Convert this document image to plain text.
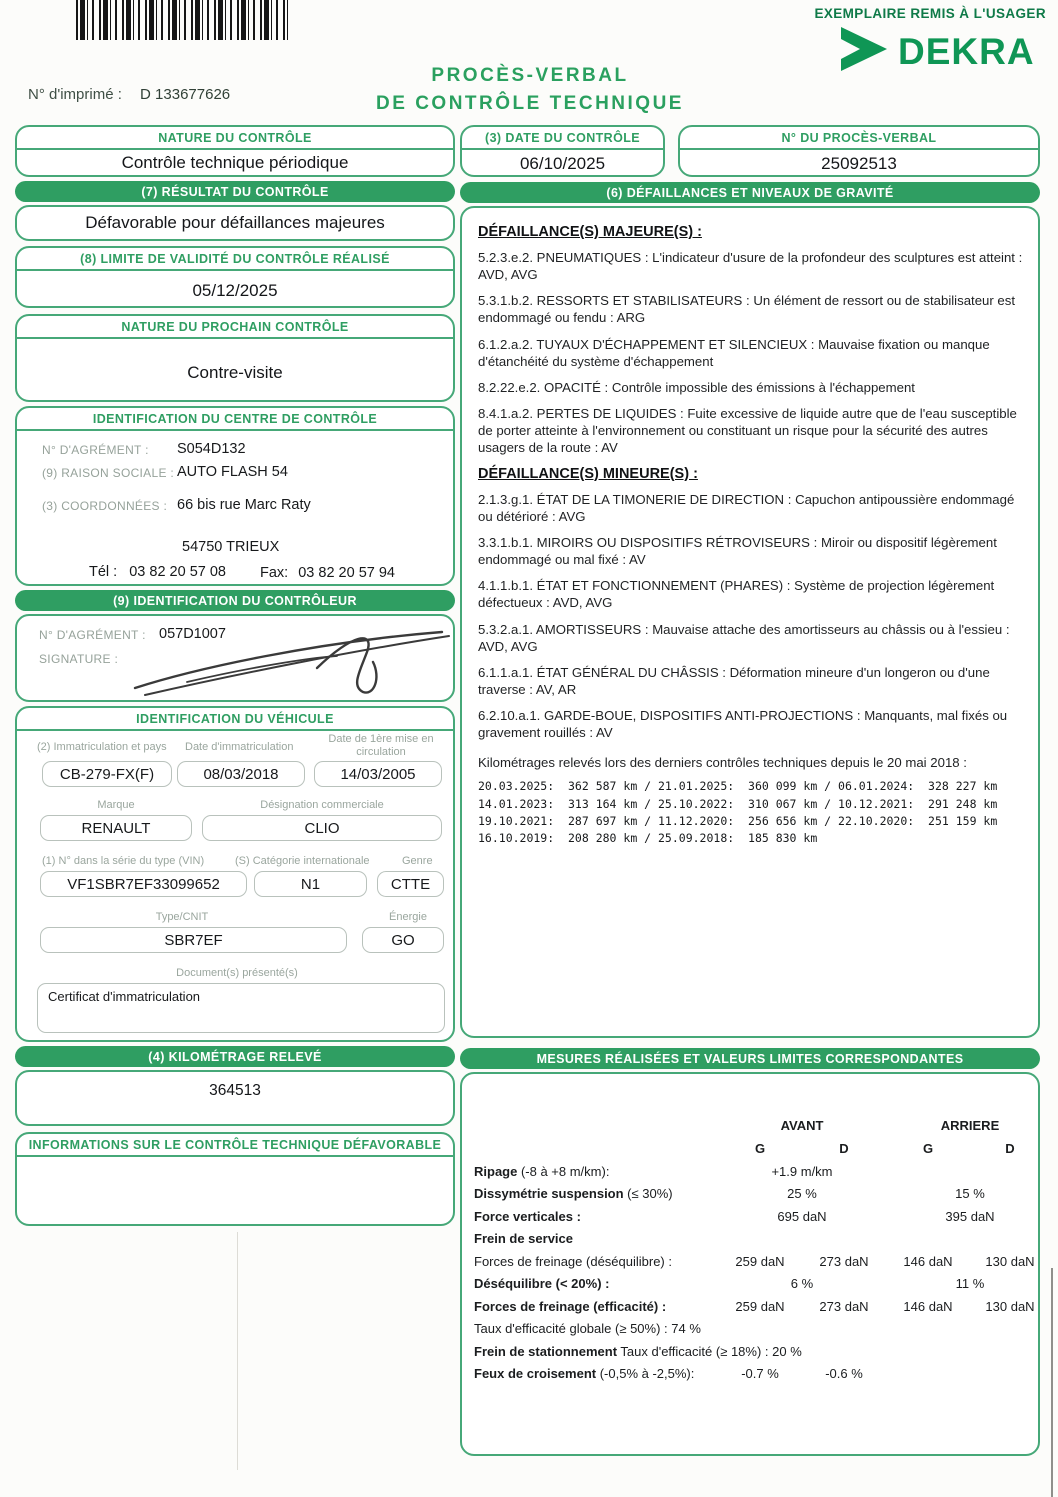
EXEMPLAIRE REMIS À L'USAGER
DEKRA
PROCÈS-VERBAL
DE CONTRÔLE TECHNIQUE
N° d'imprimé : D 133677626
NATURE DU CONTRÔLE
Contrôle technique périodique
(7) RÉSULTAT DU CONTRÔLE
Défavorable pour défaillances majeures
(8) LIMITE DE VALIDITÉ DU CONTRÔLE RÉALISÉ
05/12/2025
NATURE DU PROCHAIN CONTRÔLE
Contre-visite
IDENTIFICATION DU CENTRE DE CONTRÔLE
N° D'AGRÉMENT : S054D132
(9) RAISON SOCIALE : AUTO FLASH 54
(3) COORDONNÉES : 66 bis rue Marc Raty
54750 TRIEUX
Tél : 03 82 20 57 08 Fax: 03 82 20 57 94
(9) IDENTIFICATION DU CONTRÔLEUR
N° D'AGRÉMENT : 057D1007
SIGNATURE :
IDENTIFICATION DU VÉHICULE
(2) Immatriculation et pays Date d'immatriculation
Date de 1ère mise en circulation
CB-279-FX(F)	08/03/2018	14/03/2005
Marque	Désignation commerciale
RENAULT	CLIO
(1) N° dans la série du type (VIN)	(S) Catégorie internationale	Genre
VF1SBR7EF33099652	N1	CTTE
Type/CNIT	Énergie
SBR7EF	GO
Document(s) présenté(s)
Certificat d'immatriculation
(4) KILOMÉTRAGE RELEVÉ
364513
INFORMATIONS SUR LE CONTRÔLE TECHNIQUE DÉFAVORABLE
(3) DATE DU CONTRÔLE
06/10/2025
N° DU PROCÈS-VERBAL
25092513
(6) DÉFAILLANCES ET NIVEAUX DE GRAVITÉ

DÉFAILLANCE(S) MAJEURE(S) :

5.2.3.e.2. PNEUMATIQUES : L'indicateur d'usure de la profondeur des sculptures est atteint : AVD, AVG

5.3.1.b.2. RESSORTS ET STABILISATEURS : Un élément de ressort ou de stabilisateur est endommagé ou fendu : ARG

6.1.2.a.2. TUYAUX D'ÉCHAPPEMENT ET SILENCIEUX : Mauvaise fixation ou manque d'étanchéité du système d'échappement

8.2.22.e.2. OPACITÉ : Contrôle impossible des émissions à l'échappement

8.4.1.a.2. PERTES DE LIQUIDES : Fuite excessive de liquide autre que de l'eau susceptible de porter atteinte à l'environnement ou constituant un risque pour la sécurité des autres usagers de la route : AV

DÉFAILLANCE(S) MINEURE(S) :

2.1.3.g.1. ÉTAT DE LA TIMONERIE DE DIRECTION : Capuchon antipoussière endommagé ou détérioré : AVG

3.3.1.b.1. MIROIRS OU DISPOSITIFS RÉTROVISEURS : Miroir ou dispositif légèrement endommagé ou mal fixé : AV

4.1.1.b.1. ÉTAT ET FONCTIONNEMENT (PHARES) : Système de projection légèrement défectueux : AVD, AVG

5.3.2.a.1. AMORTISSEURS : Mauvaise attache des amortisseurs au châssis ou à l'essieu : AVD, AVG

6.1.1.a.1. ÉTAT GÉNÉRAL DU CHÂSSIS : Déformation mineure d'un longeron ou d'une traverse : AV, AR

6.2.10.a.1. GARDE-BOUE, DISPOSITIFS ANTI-PROJECTIONS : Manquants, mal fixés ou gravement rouillés : AV

Kilométrages relevés lors des derniers contrôles techniques depuis le 20 mai 2018 :

20.03.2025:  362 587 km / 21.01.2025:  360 099 km / 06.01.2024:  328 227 km
14.01.2023:  313 164 km / 25.10.2022:  310 067 km / 10.12.2021:  291 248 km
19.10.2021:  287 697 km / 11.12.2020:  256 656 km / 22.10.2020:  251 159 km
16.10.2019:  208 280 km / 25.09.2018:  185 830 km
MESURES RÉALISÉES ET VALEURS LIMITES CORRESPONDANTES
AVANT	ARRIERE
G	D	G	D
Ripage (-8 à +8 m/km):	+1.9 m/km
Dissymétrie suspension (≤ 30%)	25 %	15 %
Force verticales :	695 daN	395 daN
Frein de service
Forces de freinage (déséquilibre) :	259 daN	273 daN	146 daN	130 daN
Déséquilibre (< 20%) :	6 %	11 %
Forces de freinage (efficacité) :	259 daN	273 daN	146 daN	130 daN
Taux d'efficacité globale (≥ 50%) : 74 %
Frein de stationnement Taux d'efficacité (≥ 18%) : 20 %
Feux de croisement (-0,5% à -2,5%):	-0.7 %	-0.6 %
